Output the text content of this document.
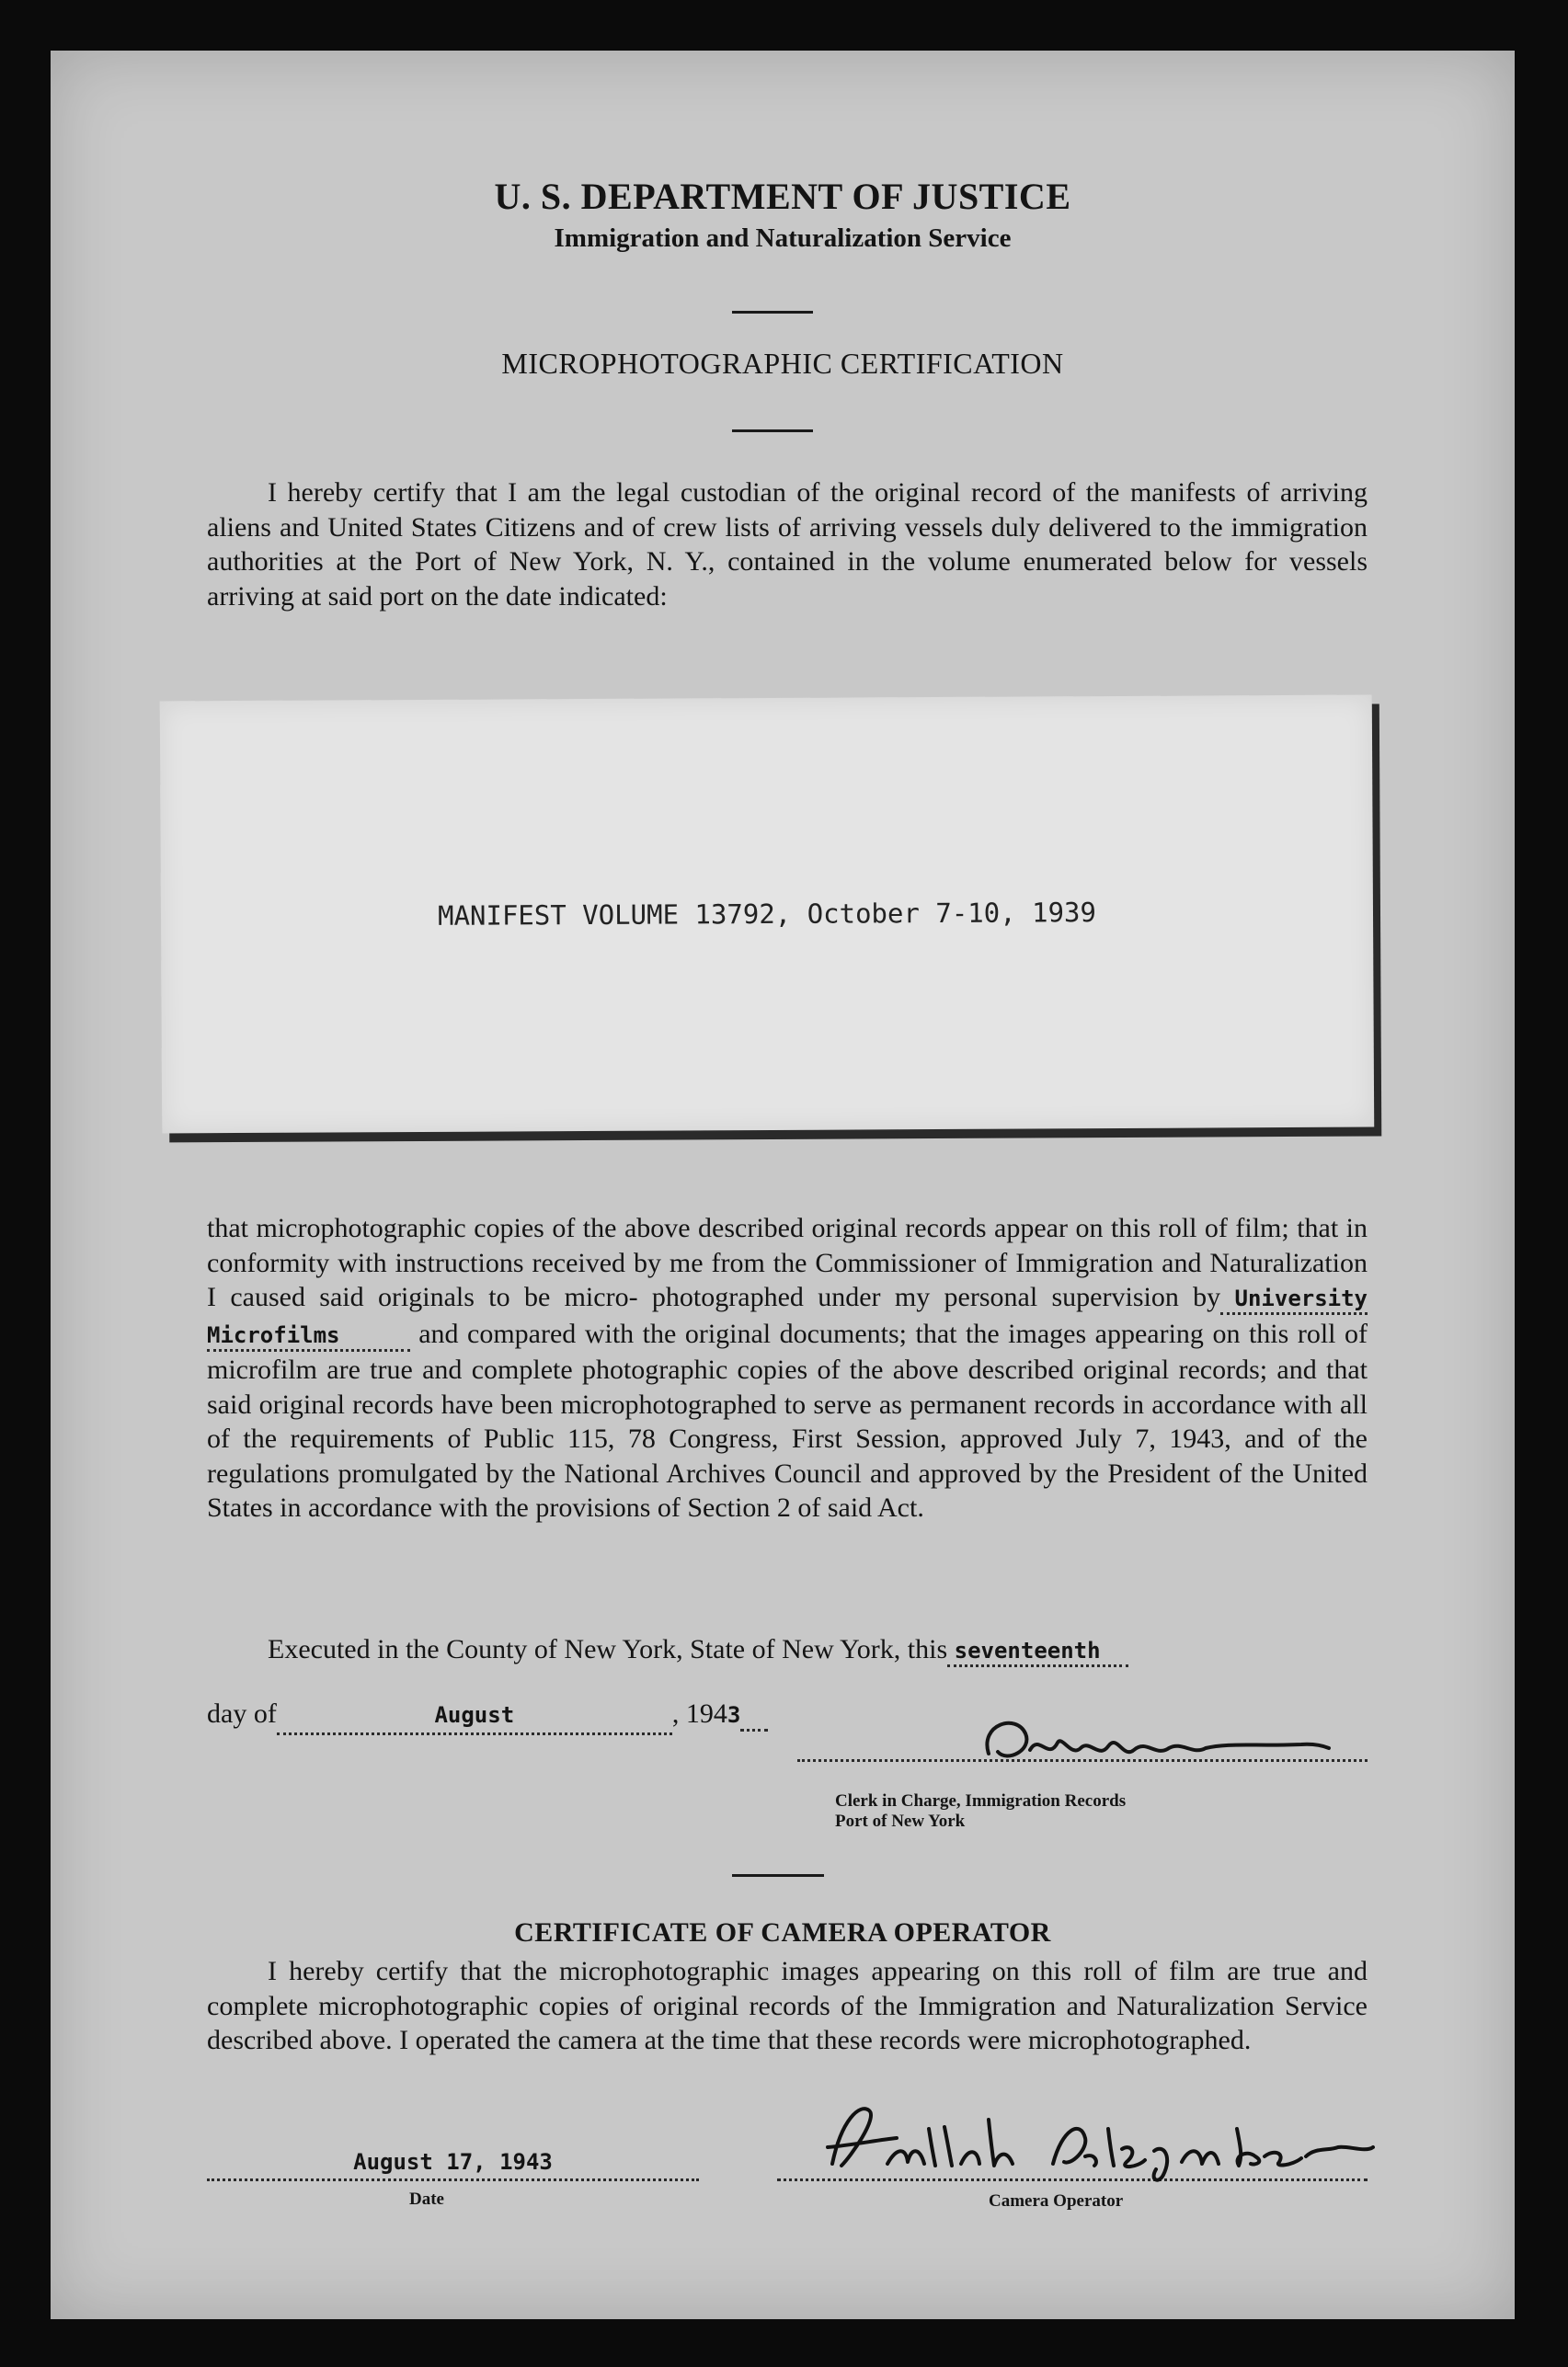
U. S. DEPARTMENT OF JUSTICE
Immigration and Naturalization Service
MICROPHOTOGRAPHIC CERTIFICATION
I hereby certify that I am the legal custodian of the original record of the manifests of arriving aliens and United States Citizens and of crew lists of arriving vessels duly delivered to the immigration authorities at the Port of New York, N. Y., contained in the volume enumerated below for vessels arriving at said port on the date indicated:
MANIFEST VOLUME 13792, October 7-10, 1939
that microphotographic copies of the above described original records appear on this roll of film; that in conformity with instructions received by me from the Commissioner of Immigration and Naturalization I caused said originals to be micro- photographed under my personal supervision by University Microfilms	and compared with the original documents; that the images appearing on this roll of microfilm are true and complete photographic copies of the above described original records; and that said original records have been microphotographed to serve as permanent records in accordance with all of the requirements of Public 115, 78 Congress, First Session, approved July 7, 1943, and of the regulations promulgated by the National Archives Council and approved by the President of the United States in accordance with the provisions of Section 2 of said Act.
Executed in the County of New York, State of New York, this seventeenth
day of	August	, 1943
Clerk in Charge, Immigration Records
Port of New York
CERTIFICATE OF CAMERA OPERATOR
I hereby certify that the microphotographic images appearing on this roll of film are true and complete microphotographic copies of original records of the Immigration and Naturalization Service described above. I operated the camera at the time that these records were microphotographed.
August 17, 1943
Date	Camera Operator
